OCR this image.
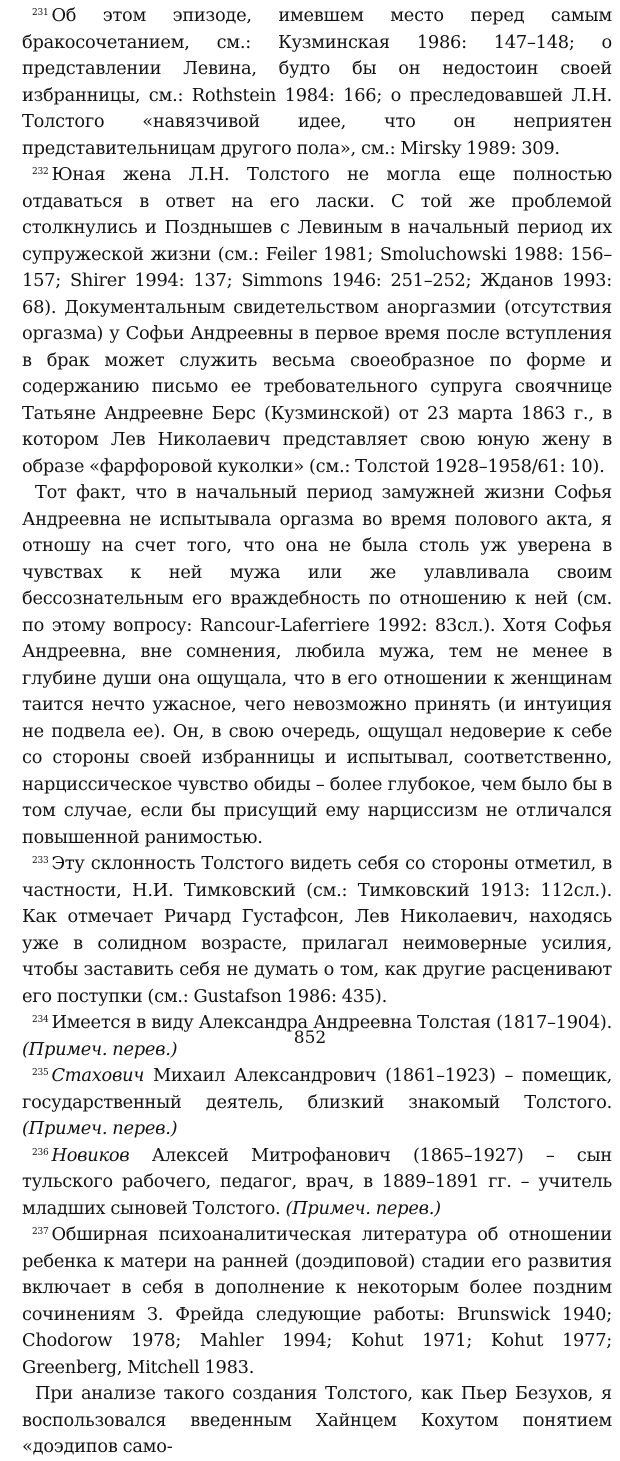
$^{231}$ Об этом эпизоде, имевшем место перед самым бракосочетанием, см.: Кузминская 1986: 147–148; о представлении Левина, будто бы он недостоин своей избранницы, см.: Rothstein 1984: 166; о преследовавшей Л.Н. Толстого «навязчивой идее, что он неприятен представительницам другого пола», см.: Mirsky 1989: 309.

$^{232}$ Юная жена Л.Н. Толстого не могла еще полностью отдаваться в ответ на его ласки. С той же проблемой столкнулись и Позднышев с Левиным в начальный период их супружеской жизни (см.: Feiler 1981; Smoluchowski 1988: 156–157; Shirer 1994: 137; Simmons 1946: 251–252; Жданов 1993: 68). Документальным свидетельством аноргазмии (отсутствия оргазма) у Софьи Андреевны в первое время после вступления в брак может служить весьма своеобразное по форме и содержанию письмо ее требовательного супруга своячнице Татьяне Андреевне Берс (Кузминской) от 23 марта 1863 г., в котором Лев Николаевич представляет свою юную жену в образе «фарфоровой куколки» (см.: Толстой 1928–1958/61: 10).

Тот факт, что в начальный период замужней жизни Софья Андреевна не испытывала оргазма во время полового акта, я отношу на счет того, что она не была столь уж уверена в чувствах к ней мужа или же улавливала своим бессознательным его враждебность по отношению к ней (см. по этому вопросу: Rancour-Laferriere 1992: 83сл.). Хотя Софья Андреевна, вне сомнения, любила мужа, тем не менее в глубине души она ощущала, что в его отношении к женщинам таится нечто ужасное, чего невозможно принять (и интуиция не подвела ее). Он, в свою очередь, ощущал недоверие к себе со стороны своей избранницы и испытывал, соответственно, нарциссическое чувство обиды – более глубокое, чем было бы в том случае, если бы присущий ему нарциссизм не отличался повышенной ранимостью.

$^{233}$ Эту склонность Толстого видеть себя со стороны отметил, в частности, Н.И. Тимковский (см.: Тимковский 1913: 112сл.). Как отмечает Ричард Густафсон, Лев Николаевич, находясь уже в солидном возрасте, прилагал неимоверные усилия, чтобы заставить себя не думать о том, как другие расценивают его поступки (см.: Gustafson 1986: 435).

$^{234}$ Имеется в виду Александра Андреевна Толстая (1817–1904). (Примеч. перев.)

$^{235}$ Стахович Михаил Александрович (1861–1923) – помещик, государственный деятель, близкий знакомый Толстого. (Примеч. перев.)

$^{236}$ Новиков Алексей Митрофанович (1865–1927) – сын тульского рабочего, педагог, врач, в 1889–1891 гг. – учитель младших сыновей Толстого. (Примеч. перев.)

$^{237}$ Обширная психоаналитическая литература об отношении ребенка к матери на ранней (доэдиповой) стадии его развития включает в себя в дополнение к некоторым более поздним сочинениям З. Фрейда следующие работы: Brunswick 1940; Chodorow 1978; Mahler 1994; Kohut 1971; Kohut 1977; Greenberg, Mitchell 1983.

При анализе такого создания Толстого, как Пьер Безухов, я воспользовался введенным Хайнцем Кохутом понятием «доэдипов само-

852
